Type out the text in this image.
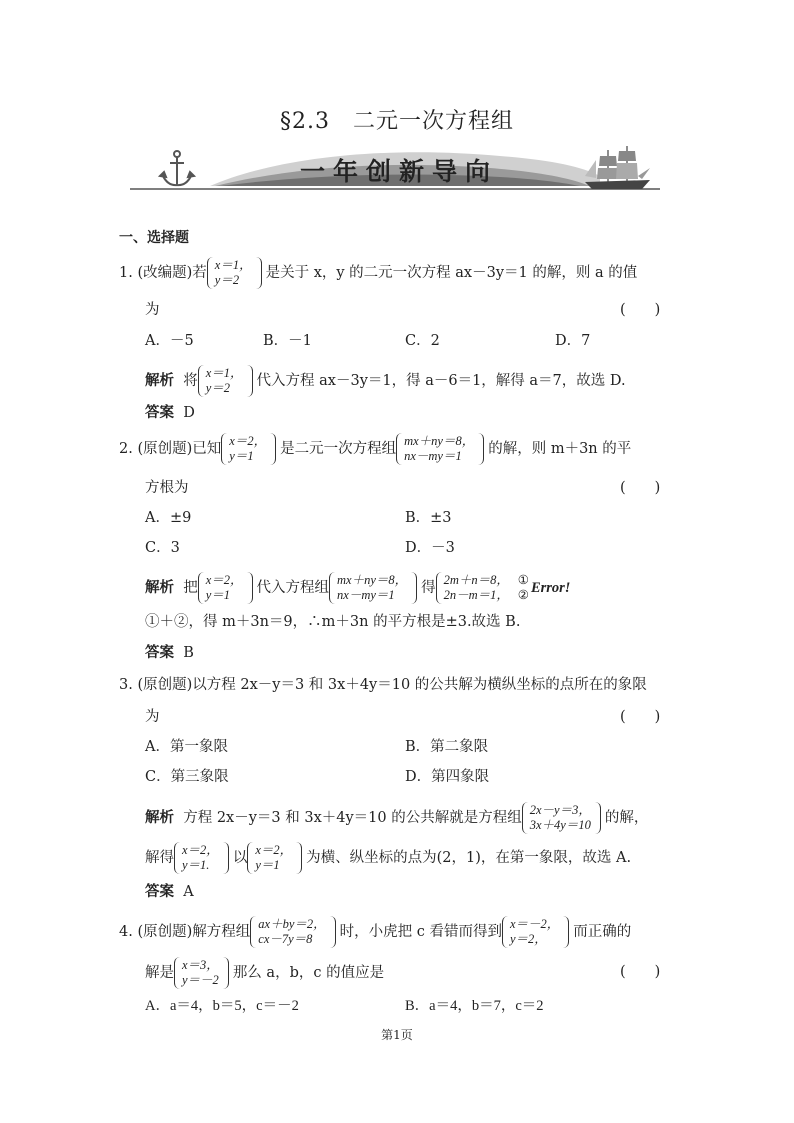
§2.3　二元一次方程组
一年创新导向
一、选择题
1. (改编题)若 x＝1，
y＝2	是关于 x，y 的二元一次方程 ax－3y＝1 的解，则 a 的值
为	(　　)
A．－5	B．－1	C．2	D．7
解析 将 x＝1，
y＝2	代入方程 ax－3y＝1，得 a－6＝1，解得 a＝7，故选 D.
答案 D
2. (原创题)已知 x＝2，
y＝1	是二元一次方程组 mx＋ny＝8，
nx－my＝1	的解，则 m＋3n 的平
方根为	(　　)
A．±9	B．±3
C．3	D．－3
解析 把 x＝2，
y＝1	代入方程组 mx＋ny＝8，
nx－my＝1	得 2m＋n＝8，
2n－m＝1，
①
② Error!
①＋②，得 m＋3n＝9，∴m＋3n 的平方根是±3.故选 B.
答案 B
3. (原创题)以方程 2x－y＝3 和 3x＋4y＝10 的公共解为横纵坐标的点所在的象限
为	(　　)
A．第一象限	B．第二象限
C．第三象限	D．第四象限
解析 方程 2x－y＝3 和 3x＋4y＝10 的公共解就是方程组 2x－y＝3，
3x＋4y＝10 的解，
解得 x＝2，
y＝1.	以 x＝2，
y＝1	为横、纵坐标的点为(2，1)，在第一象限，故选 A.
答案 A
4. (原创题)解方程组 ax＋by＝2，
cx－7y＝8	时，小虎把 c 看错而得到 x＝－2，
y＝2，	而正确的
解是 x＝3，
y＝－2 那么 a，b，c 的值应是	(　　)
A．a＝4，b＝5，c＝－2	B．a＝4，b＝7，c＝2
第1页
